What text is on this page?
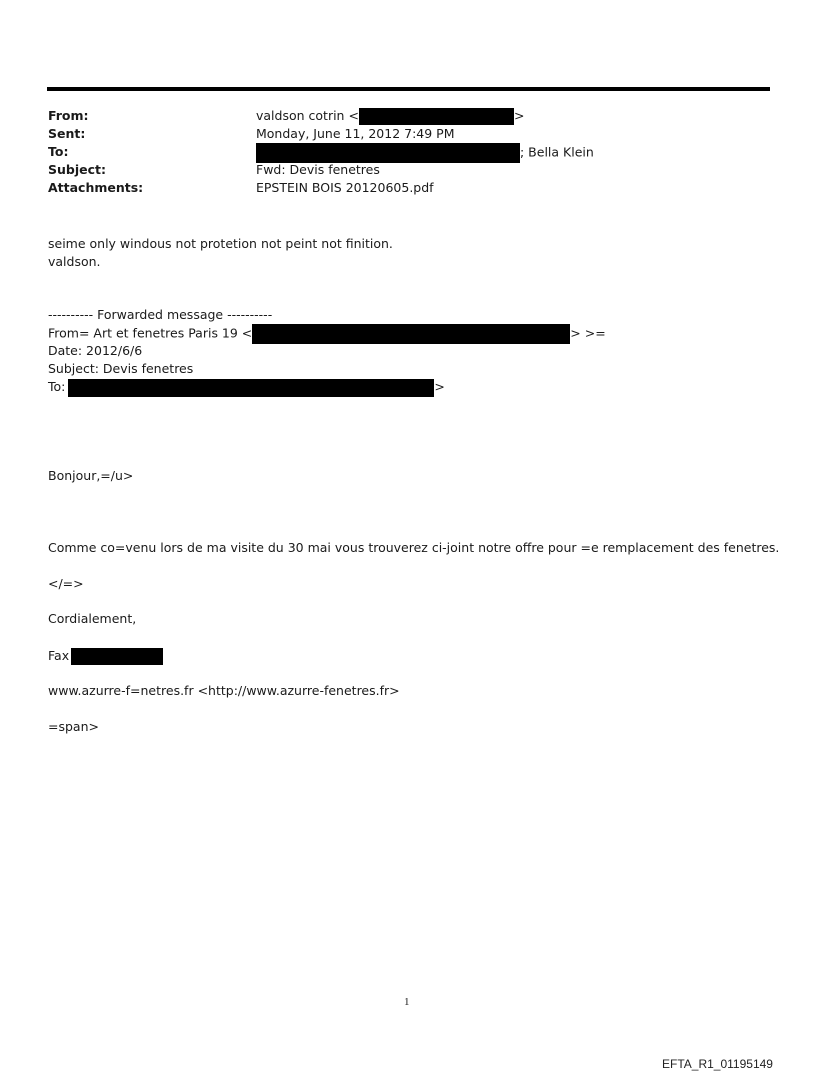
From:	valdson cotrin <	>
Sent:	Monday, June 11, 2012 7:49 PM
To:	; Bella Klein
Subject:	Fwd: Devis fenetres
Attachments:	EPSTEIN BOIS 20120605.pdf
seime only windous not protetion not peint not finition.
valdson.
---------- Forwarded message ----------
From= Art et fenetres Paris 19 <	> >=
Date: 2012/6/6
Subject: Devis fenetres
To:	>
Bonjour,=/u>
Comme co=venu lors de ma visite du 30 mai vous trouverez ci-joint notre offre pour =e remplacement des fenetres.
</=>
Cordialement,
Fax
www.azurre-f=netres.fr <http://www.azurre-fenetres.fr>
=span>
1
EFTA_R1_01195149
